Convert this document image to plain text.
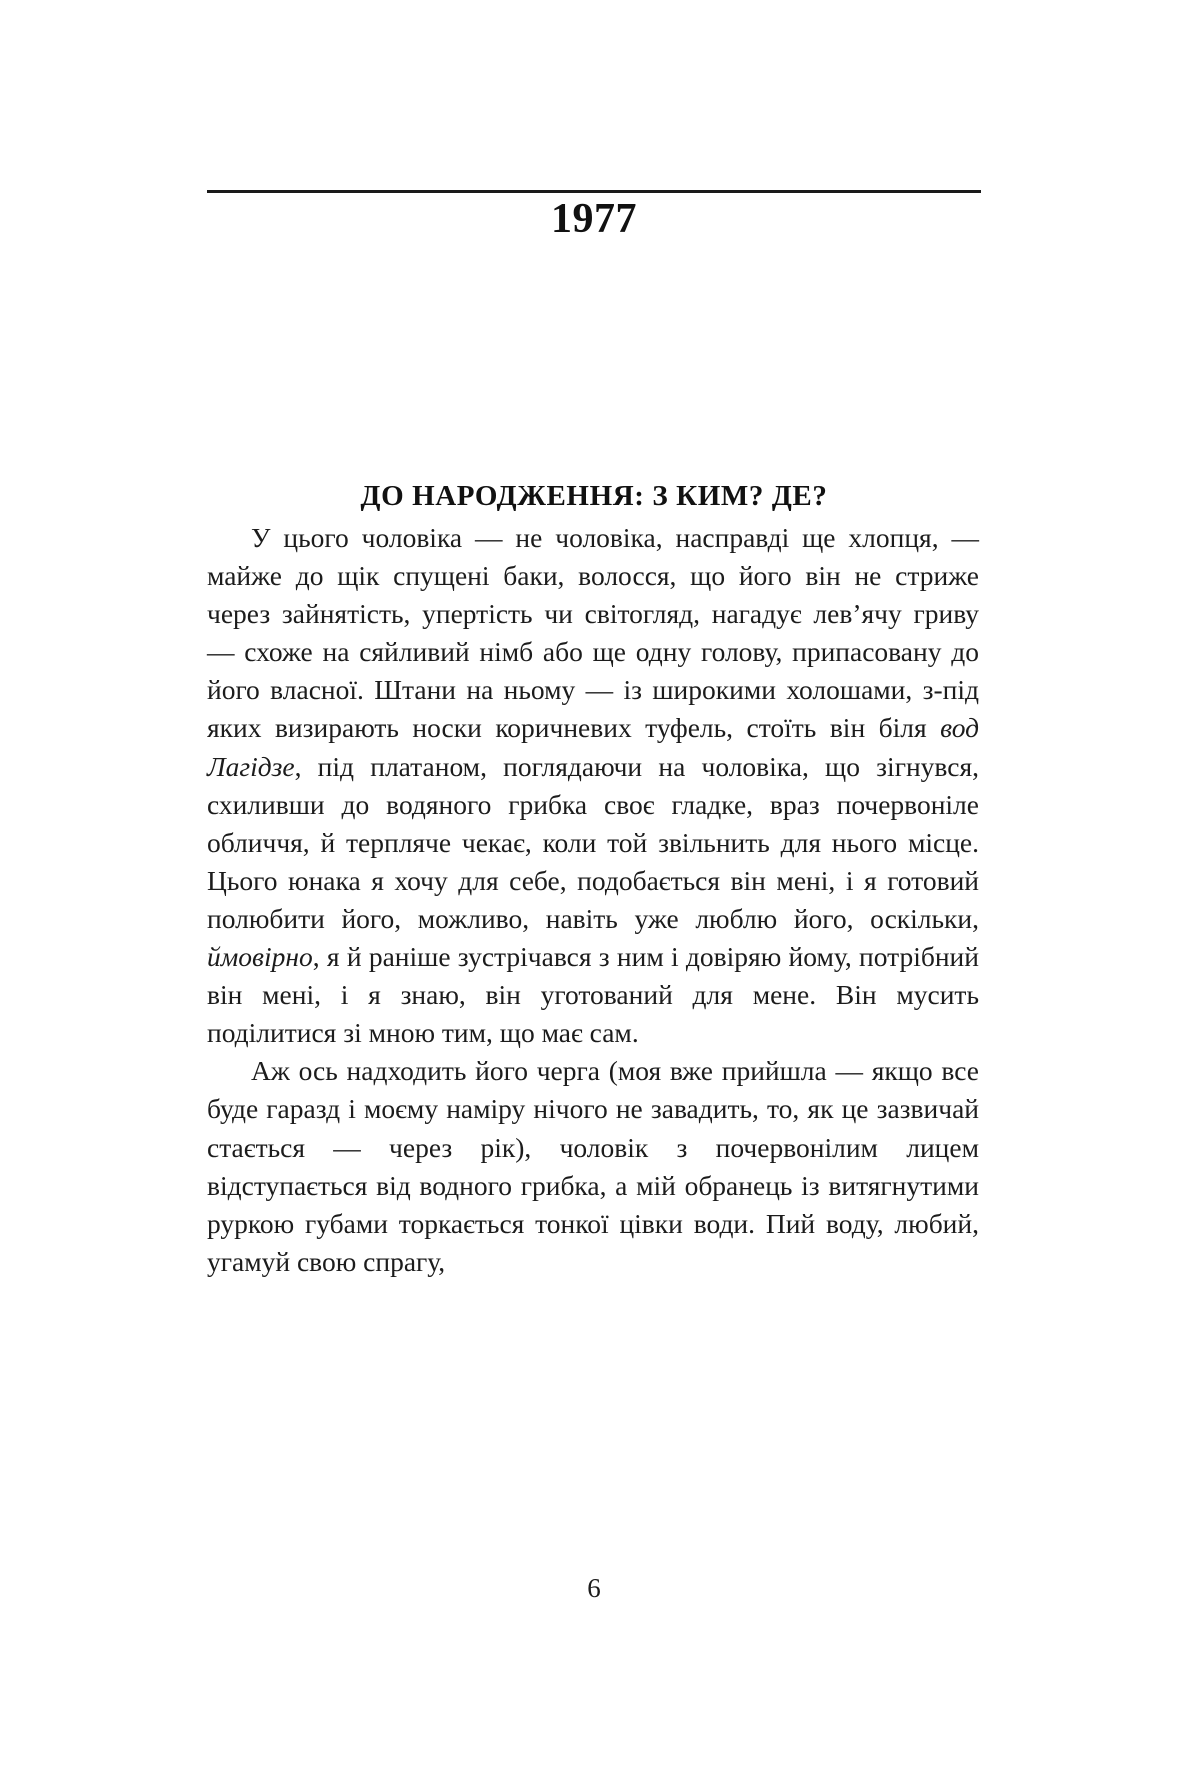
1977
ДО НАРОДЖЕННЯ: З КИМ? ДЕ?

У цього чоловіка — не чоловіка, насправді ще хлопця, — майже до щік спущені баки, волосся, що його він не стриже через зайнятість, упертість чи світогляд, нагадує лев’ячу гриву — схоже на сяйливий німб або ще одну голову, припасовану до його власної. Штани на ньому — із широкими холошами, з-під яких визирають носки коричневих туфель, стоїть він біля вод Лагідзе, під платаном, поглядаючи на чоловіка, що зігнувся, схиливши до водяного грибка своє гладке, враз почервоніле обличчя, й терпляче чекає, коли той звільнить для нього місце. Цього юнака я хочу для себе, подобається він мені, і я готовий полюбити його, можливо, навіть уже люблю його, оскільки, ймовірно, я й раніше зустрічався з ним і довіряю йому, потрібний він мені, і я знаю, він уготований для мене. Він мусить поділитися зі мною тим, що має сам.

Аж ось надходить його черга (моя вже прийшла — якщо все буде гаразд і моєму наміру нічого не завадить, то, як це зазвичай стається — через рік), чоловік з почервонілим лицем відступається від водного грибка, а мій обранець із витягнутими руркою губами торкається тонкої цівки води. Пий воду, любий, угамуй свою спрагу,

6
